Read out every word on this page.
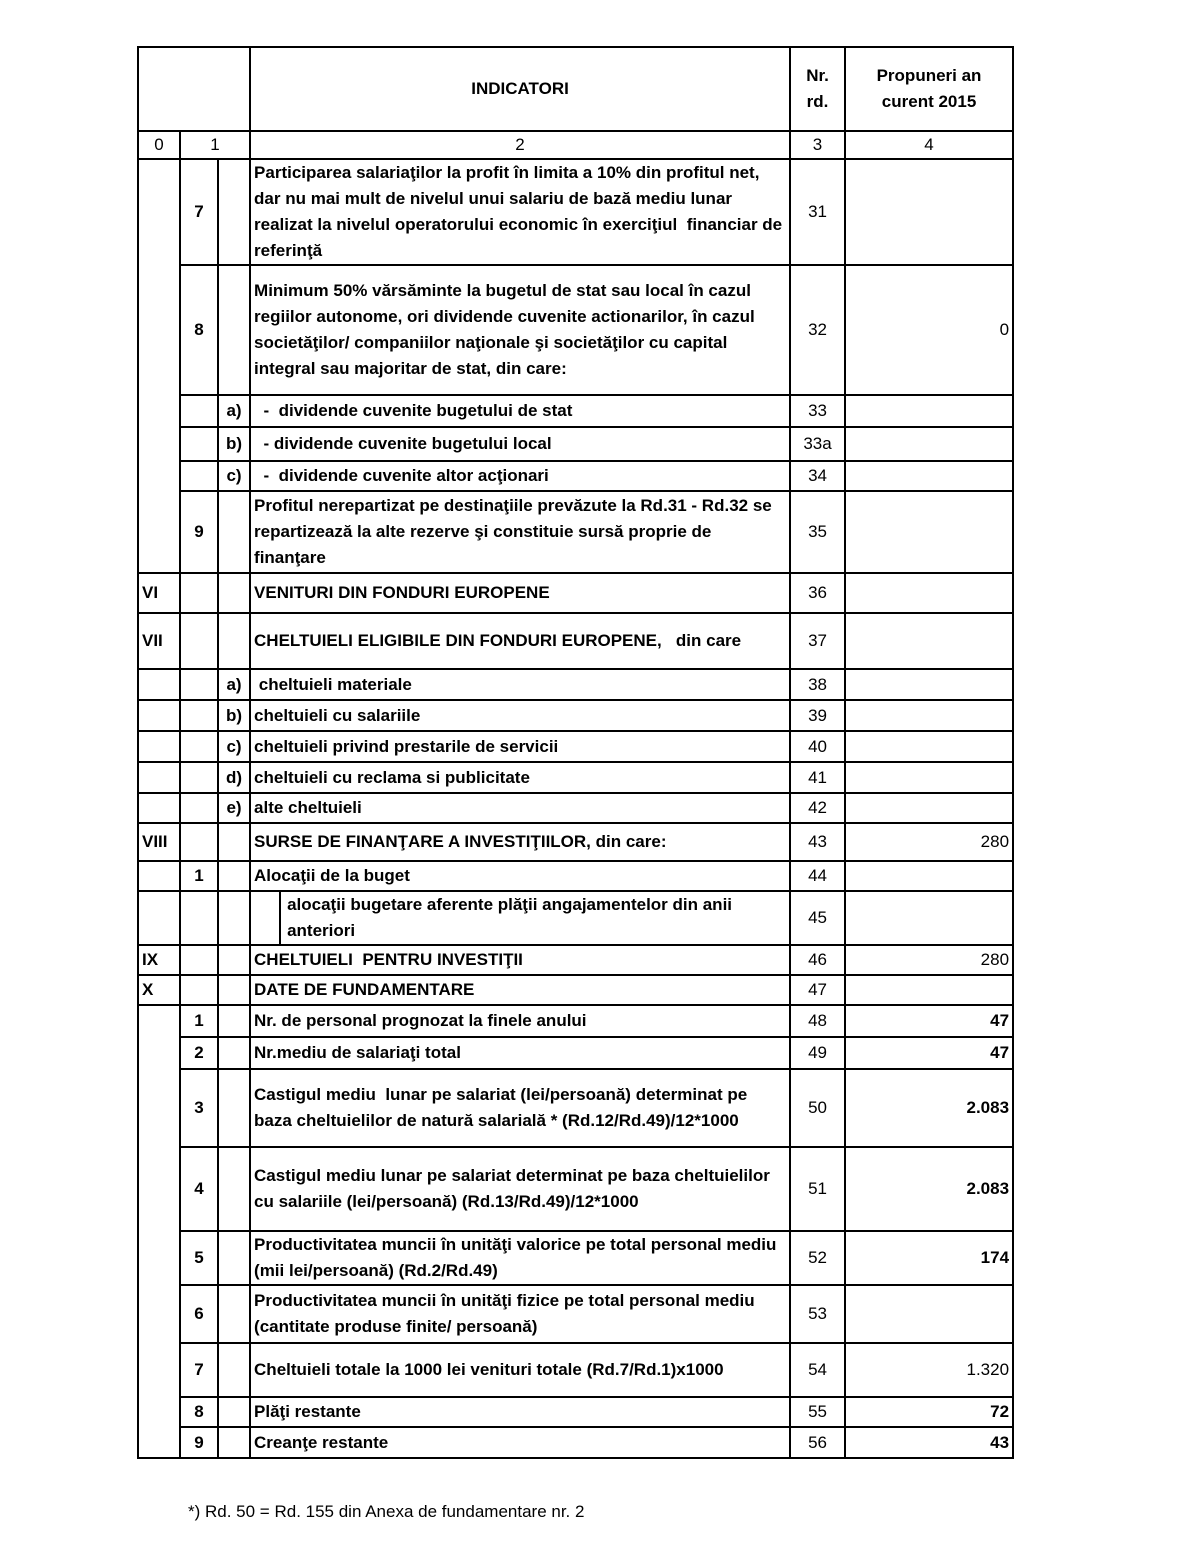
			INDICATORI	Nr. rd.	Propuneri an curent 2015
0	1		2	3	4
	7		Participarea salariaţilor la profit în limita a 10% din profitul net,  dar nu mai mult de nivelul unui salariu de bază mediu lunar realizat la nivelul operatorului economic în exerciţiul  financiar de referinţă	31	
	8		Minimum 50% vărsăminte la bugetul de stat sau local în cazul regiilor autonome, ori dividende cuvenite actionarilor, în cazul societăţilor/ companiilor naţionale şi societăţilor cu capital integral sau majoritar de stat, din care:	32	0
		a)	-  dividende cuvenite bugetului de stat	33	
		b)	- dividende cuvenite bugetului local	33a	
		c)	-  dividende cuvenite altor acţionari	34	
	9		Profitul nerepartizat pe destinaţiile prevăzute la Rd.31 - Rd.32 se repartizează la alte rezerve şi constituie sursă proprie de finanţare	35	
VI			VENITURI DIN FONDURI EUROPENE	36	
VII			CHELTUIELI ELIGIBILE DIN FONDURI EUROPENE,   din care	37	
		a)	cheltuieli materiale	38	
		b)	cheltuieli cu salariile	39	
		c)	cheltuieli privind prestarile de servicii	40	
		d)	cheltuieli cu reclama si publicitate	41	
		e)	alte cheltuieli	42	
VIII			SURSE DE FINANŢARE A INVESTIŢIILOR, din care:	43	280
	1		Alocaţii de la buget	44	

			alocaţii bugetare aferente plăţii angajamentelor din anii anteriori	45	
IX			CHELTUIELI  PENTRU INVESTIŢII	46	280
X			DATE DE FUNDAMENTARE	47	
	1		Nr. de personal prognozat la finele anului	48	47
	2		Nr.mediu de salariaţi total	49	47
	3		Castigul mediu  lunar pe salariat (lei/persoană) determinat pe baza cheltuielilor de natură salarială * (Rd.12/Rd.49)/12*1000	50	2.083
	4		Castigul mediu lunar pe salariat determinat pe baza cheltuielilor cu salariile (lei/persoană) (Rd.13/Rd.49)/12*1000	51	2.083
	5		Productivitatea muncii în unităţi valorice pe total personal mediu (mii lei/persoană) (Rd.2/Rd.49)	52	174
	6		Productivitatea muncii în unităţi fizice pe total personal mediu (cantitate produse finite/ persoană)	53	
	7		Cheltuieli totale la 1000 lei venituri totale (Rd.7/Rd.1)x1000	54	1.320
	8		Plăţi restante	55	72
	9		Creanţe restante	56	43
*) Rd. 50 = Rd. 155 din Anexa de fundamentare nr. 2
